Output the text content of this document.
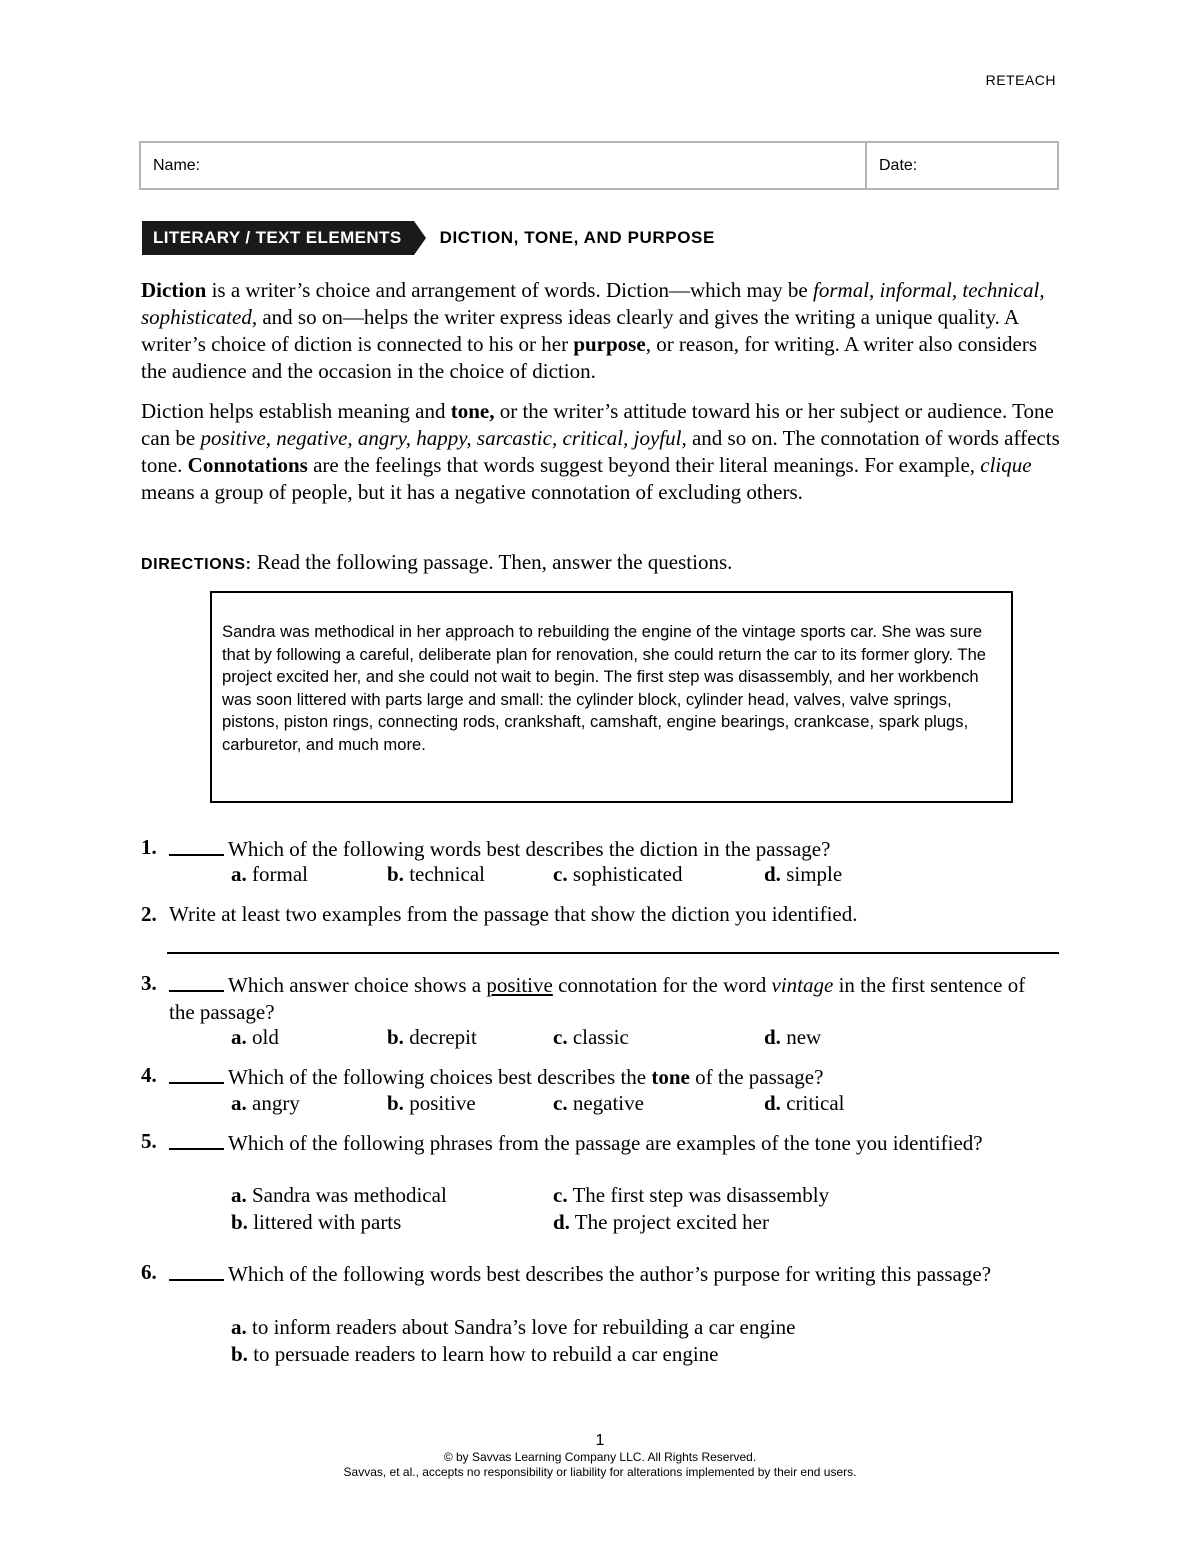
RETEACH
Name:	Date:
LITERARY / TEXT ELEMENTS	DICTION, TONE, AND PURPOSE
Diction is a writer’s choice and arrangement of words. Diction—which may be formal, informal, technical, sophisticated, and so on—helps the writer express ideas clearly and gives the writing a unique quality. A writer’s choice of diction is connected to his or her purpose, or reason, for writing. A writer also considers the audience and the occasion in the choice of diction.
Diction helps establish meaning and tone, or the writer’s attitude toward his or her subject or audience. Tone can be positive, negative, angry, happy, sarcastic, critical, joyful, and so on. The connotation of words affects tone. Connotations are the feelings that words suggest beyond their literal meanings. For example, clique means a group of people, but it has a negative connotation of excluding others.
DIRECTIONS: Read the following passage. Then, answer the questions.
Sandra was methodical in her approach to rebuilding the engine of the vintage sports car. She was sure that by following a careful, deliberate plan for renovation, she could return the car to its former glory. The project excited her, and she could not wait to begin. The first step was disassembly, and her workbench was soon littered with parts large and small: the cylinder block, cylinder head, valves, valve springs, pistons, piston rings, connecting rods, crankshaft, camshaft, engine bearings, crankcase, spark plugs, carburetor, and much more.
1.	Which of the following words best describes the diction in the passage?
a. formal	b. technical	c. sophisticated	d. simple
2. Write at least two examples from the passage that show the diction you identified.
3.	Which answer choice shows a positive connotation for the word vintage in the first sentence of the passage?
a. old	b. decrepit	c. classic	d. new
4.	Which of the following choices best describes the tone of the passage?
a. angry	b. positive	c. negative	d. critical
5.	Which of the following phrases from the passage are examples of the tone you identified?
a. Sandra was methodical
b. littered with parts
c. The first step was disassembly
d. The project excited her
6.	Which of the following words best describes the author’s purpose for writing this passage?
a. to inform readers about Sandra’s love for rebuilding a car engine
b. to persuade readers to learn how to rebuild a car engine
1
© by Savvas Learning Company LLC. All Rights Reserved.
Savvas, et al., accepts no responsibility or liability for alterations implemented by their end users.
